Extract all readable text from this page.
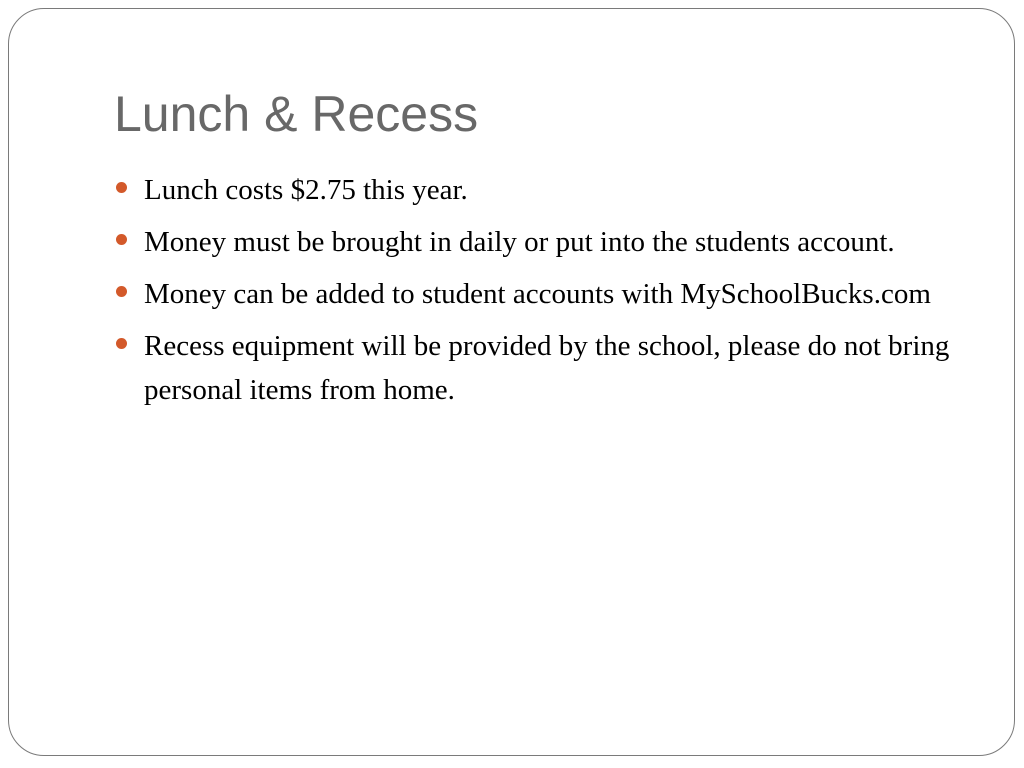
Lunch & Recess
Lunch costs $2.75 this year.
Money must be brought in daily or put into the students account.
Money can be added to student accounts with MySchoolBucks.com
Recess equipment will be provided by the school, please do not bring personal items from home.
